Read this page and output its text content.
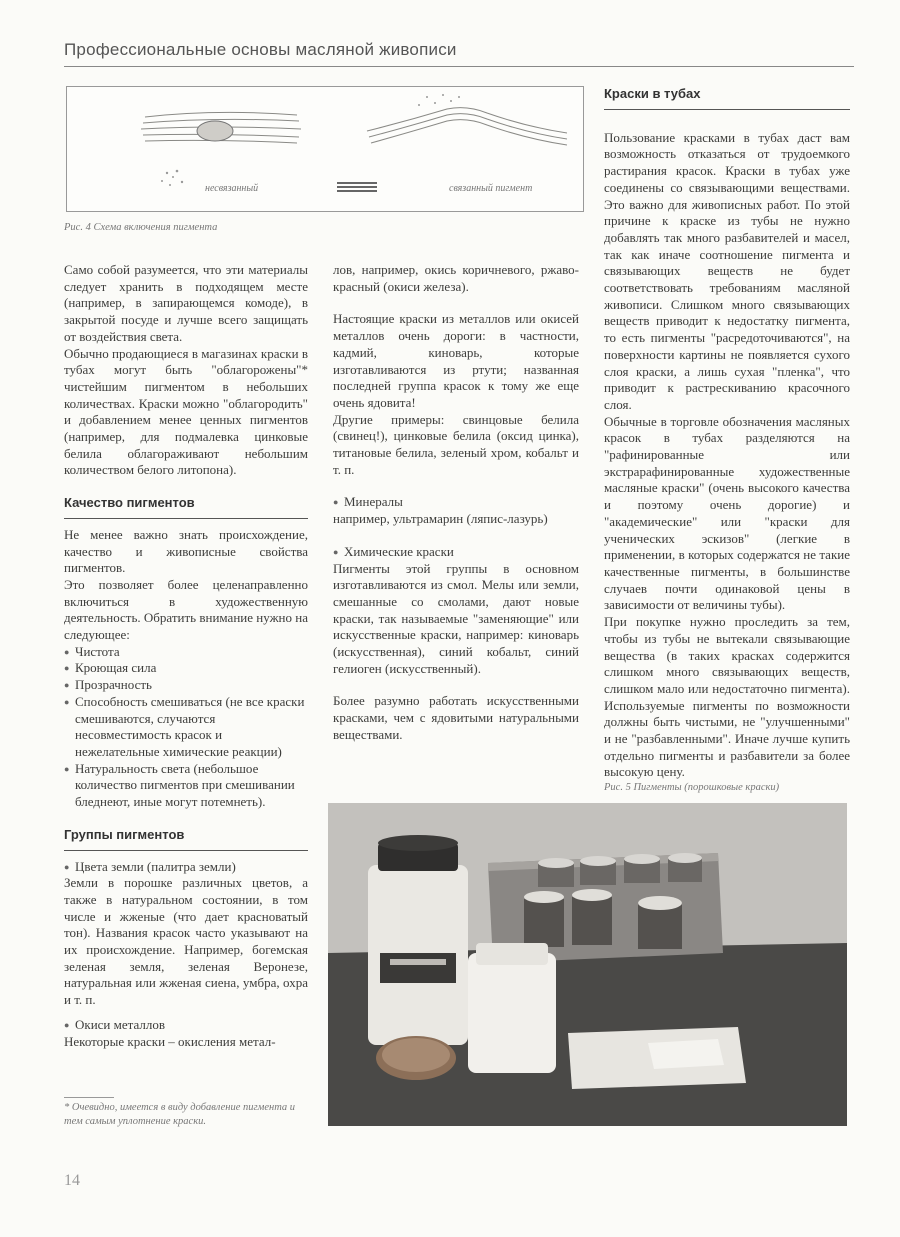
Профессиональные основы масляной живописи
несвязанный	связанный пигмент
Рис. 4 Схема включения пигмента

Само собой разумеется, что эти материалы следует хранить в подходящем месте (например, в запирающемся комоде), в закрытой посуде и лучше всего защищать от воздействия света.

Обычно продающиеся в магазинах краски в тубах могут быть "облагорожены"* чистейшим пигментом в небольших количествах. Краски можно "облагородить" и добавлением менее ценных пигментов (например, для подмалевка цинковые белила облагораживают небольшим количеством белого литопона).

Качество пигментов

Не менее важно знать происхождение, качество и живописные свойства пигментов.

Это позволяет более целенаправленно включиться в художественную деятельность. Обратить внимание нужно на следующее:

● Чистота
● Кроющая сила
● Прозрачность
● Способность смешиваться (не все краски смешиваются, случаются несовместимость красок и нежелательные химические реакции)
● Натуральность света (небольшое количество пигментов при смешивании бледнеют, иные могут потемнеть).
Группы пигментов
● Цвета земли (палитра земли)

Земли в порошке различных цветов, а также в натуральном состоянии, в том числе и жженые (что дает красноватый тон). Названия красок часто указывают на их происхождение. Например, богемская зеленая земля, зеленая Веронезе, натуральная или жженая сиена, умбра, охра и т. п.

● Окиси металлов

Некоторые краски – окисления метал-

* Очевидно, имеется в виду добавление пигмента и тем самым уплотнение краски.

лов, например, окись коричневого, ржаво-красный (окиси железа).

Настоящие краски из металлов или окисей металлов очень дороги: в частности, кадмий, киноварь, которые изготавливаются из ртути; названная последней группа красок к тому же еще очень ядовита!

Другие примеры: свинцовые белила (свинец!), цинковые белила (оксид цинка), титановые белила, зеленый хром, кобальт и т. п.

● Минералы

например, ультрамарин (ляпис-лазурь)

● Химические краски

Пигменты этой группы в основном изготавливаются из смол. Мелы или земли, смешанные со смолами, дают новые краски, так называемые "заменяющие" или искусственные краски, например: киноварь (искусственная), синий кобальт, синий гелиоген (искусственный).

Более разумно работать искусственными красками, чем с ядовитыми натуральными веществами.

Краски в тубах

Пользование красками в тубах даст вам возможность отказаться от трудоемкого растирания красок. Краски в тубах уже соединены со связывающими веществами. Это важно для живописных работ. По этой причине к краске из тубы не нужно добавлять так много разбавителей и масел, так как иначе соотношение пигмента и связывающих веществ не будет соответствовать требованиям масляной живописи. Слишком много связывающих веществ приводит к недостатку пигмента, то есть пигменты "расредоточиваются", на поверхности картины не появляется сухого слоя краски, а лишь сухая "пленка", что приводит к растрескиванию красочного слоя.

Обычные в торговле обозначения масляных красок в тубах разделяются на "рафинированные или экстрарафинированные художественные масляные краски" (очень высокого качества и поэтому очень дорогие) и "академические" или "краски для ученических эскизов" (легкие в применении, в которых содержатся не такие качественные пигменты, в большинстве случаев почти одинаковой цены в зависимости от величины тубы).

При покупке нужно проследить за тем, чтобы из тубы не вытекали связывающие вещества (в таких красках содержится слишком много связывающих веществ, слишком мало или недостаточно пигмента). Используемые пигменты по возможности должны быть чистыми, не "улучшенными" и не "разбавленными". Иначе лучше купить отдельно пигменты и разбавители за более высокую цену.

Рис. 5 Пигменты (порошковые краски)
14
